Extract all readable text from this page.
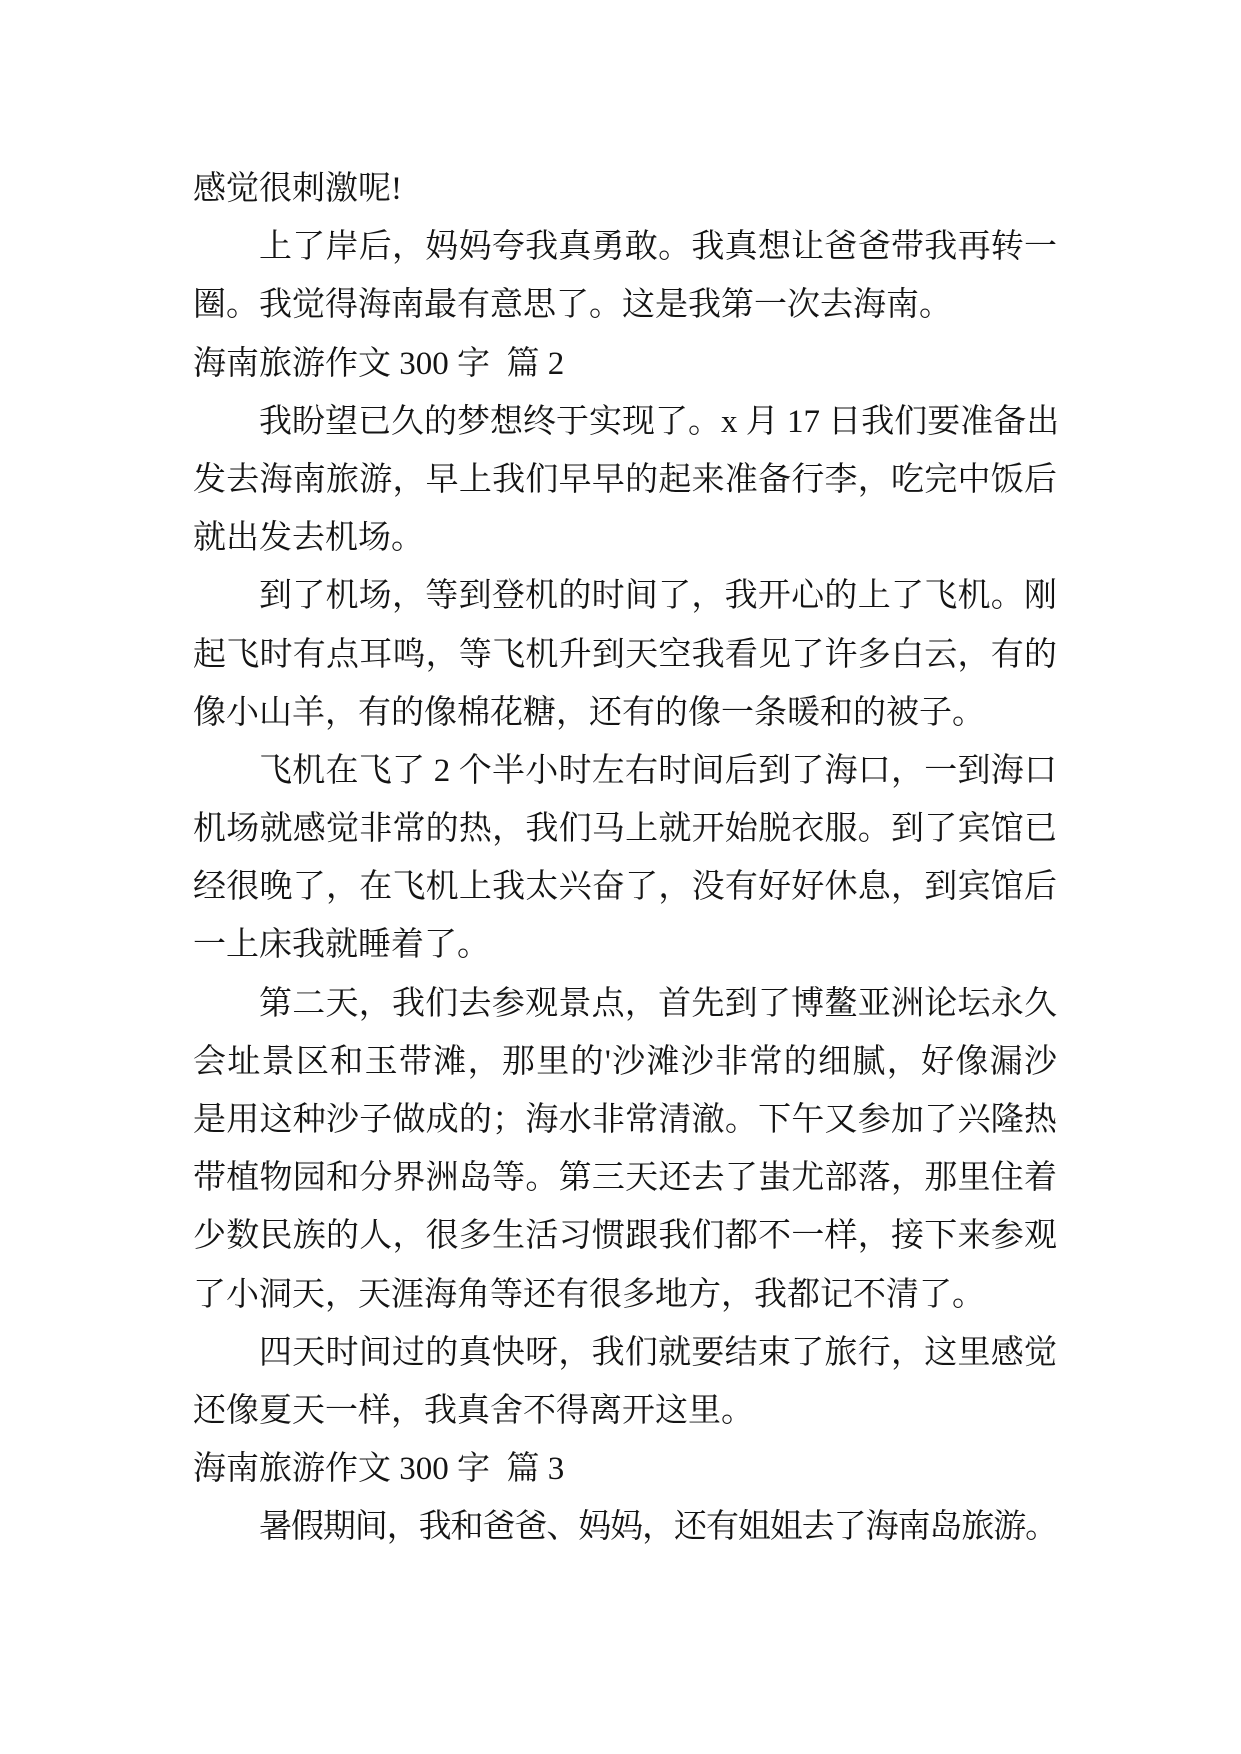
感觉很刺激呢!
上了岸后，妈妈夸我真勇敢。我真想让爸爸带我再转一
圈。我觉得海南最有意思了。这是我第一次去海南。
海南旅游作文 300 字  篇 2
我盼望已久的梦想终于实现了。x 月 17 日我们要准备出
发去海南旅游，早上我们早早的起来准备行李，吃完中饭后
就出发去机场。
到了机场，等到登机的时间了，我开心的上了飞机。刚
起飞时有点耳鸣，等飞机升到天空我看见了许多白云，有的
像小山羊，有的像棉花糖，还有的像一条暖和的被子。
飞机在飞了 2 个半小时左右时间后到了海口，一到海口
机场就感觉非常的热，我们马上就开始脱衣服。到了宾馆已
经很晚了，在飞机上我太兴奋了，没有好好休息，到宾馆后
一上床我就睡着了。
第二天，我们去参观景点，首先到了博鳌亚洲论坛永久
会址景区和玉带滩，那里的'沙滩沙非常的细腻，好像漏沙
是用这种沙子做成的；海水非常清澈。下午又参加了兴隆热
带植物园和分界洲岛等。第三天还去了蚩尤部落，那里住着
少数民族的人，很多生活习惯跟我们都不一样，接下来参观
了小洞天，天涯海角等还有很多地方，我都记不清了。
四天时间过的真快呀，我们就要结束了旅行，这里感觉
还像夏天一样，我真舍不得离开这里。
海南旅游作文 300 字  篇 3
暑假期间，我和爸爸、妈妈，还有姐姐去了海南岛旅游。
